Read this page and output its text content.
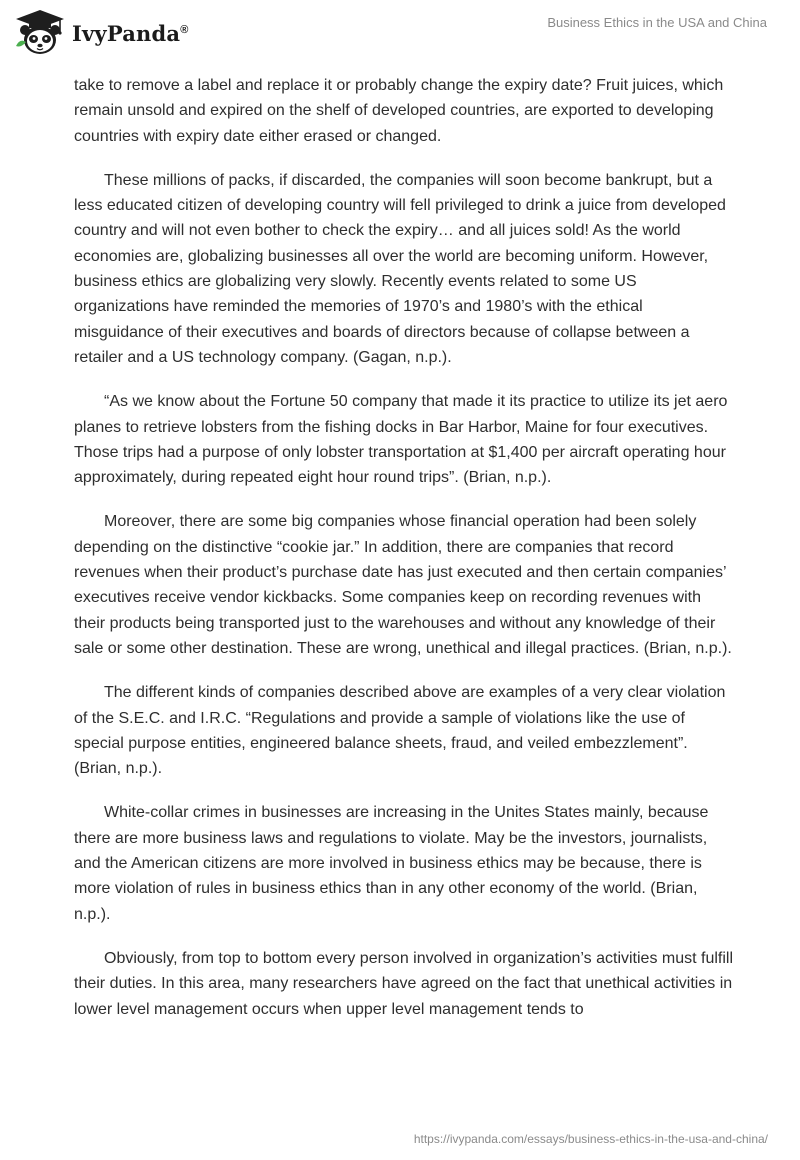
IvyPanda®	Business Ethics in the USA and China

take to remove a label and replace it or probably change the expiry date? Fruit juices, which remain unsold and expired on the shelf of developed countries, are exported to developing countries with expiry date either erased or changed.

These millions of packs, if discarded, the companies will soon become bankrupt, but a less educated citizen of developing country will fell privileged to drink a juice from developed country and will not even bother to check the expiry… and all juices sold! As the world economies are, globalizing businesses all over the world are becoming uniform. However, business ethics are globalizing very slowly. Recently events related to some US organizations have reminded the memories of 1970’s and 1980’s with the ethical misguidance of their executives and boards of directors because of collapse between a retailer and a US technology company. (Gagan, n.p.).

“As we know about the Fortune 50 company that made it its practice to utilize its jet aero planes to retrieve lobsters from the fishing docks in Bar Harbor, Maine for four executives. Those trips had a purpose of only lobster transportation at $1,400 per aircraft operating hour approximately, during repeated eight hour round trips”. (Brian, n.p.).

Moreover, there are some big companies whose financial operation had been solely depending on the distinctive “cookie jar.” In addition, there are companies that record revenues when their product’s purchase date has just executed and then certain companies’ executives receive vendor kickbacks. Some companies keep on recording revenues with their products being transported just to the warehouses and without any knowledge of their sale or some other destination. These are wrong, unethical and illegal practices. (Brian, n.p.).

The different kinds of companies described above are examples of a very clear violation of the S.E.C. and I.R.C. “Regulations and provide a sample of violations like the use of special purpose entities, engineered balance sheets, fraud, and veiled embezzlement”. (Brian, n.p.).

White-collar crimes in businesses are increasing in the Unites States mainly, because there are more business laws and regulations to violate. May be the investors, journalists, and the American citizens are more involved in business ethics may be because, there is more violation of rules in business ethics than in any other economy of the world. (Brian, n.p.).

Obviously, from top to bottom every person involved in organization’s activities must fulfill their duties. In this area, many researchers have agreed on the fact that unethical activities in lower level management occurs when upper level management tends to

https://ivypanda.com/essays/business-ethics-in-the-usa-and-china/
